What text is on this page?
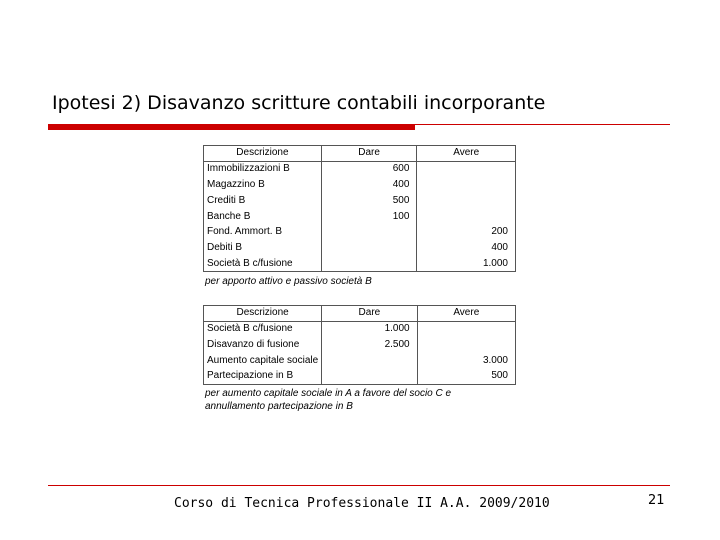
Ipotesi 2) Disavanzo scritture contabili incorporante
Descrizione	Dare	Avere
Immobilizzazioni B	600	
Magazzino B	400	
Crediti B	500	
Banche B	100	
Fond. Ammort. B		200
Debiti B		400
Società B c/fusione		1.000
per apporto attivo e passivo società B
Descrizione	Dare	Avere
Società B c/fusione	1.000	
Disavanzo di fusione	2.500	
Aumento capitale sociale		3.000
Partecipazione in B		500
per aumento capitale sociale in A a favore del socio C e
annullamento partecipazione in B
Corso di Tecnica Professionale II A.A. 2009/2010	21
